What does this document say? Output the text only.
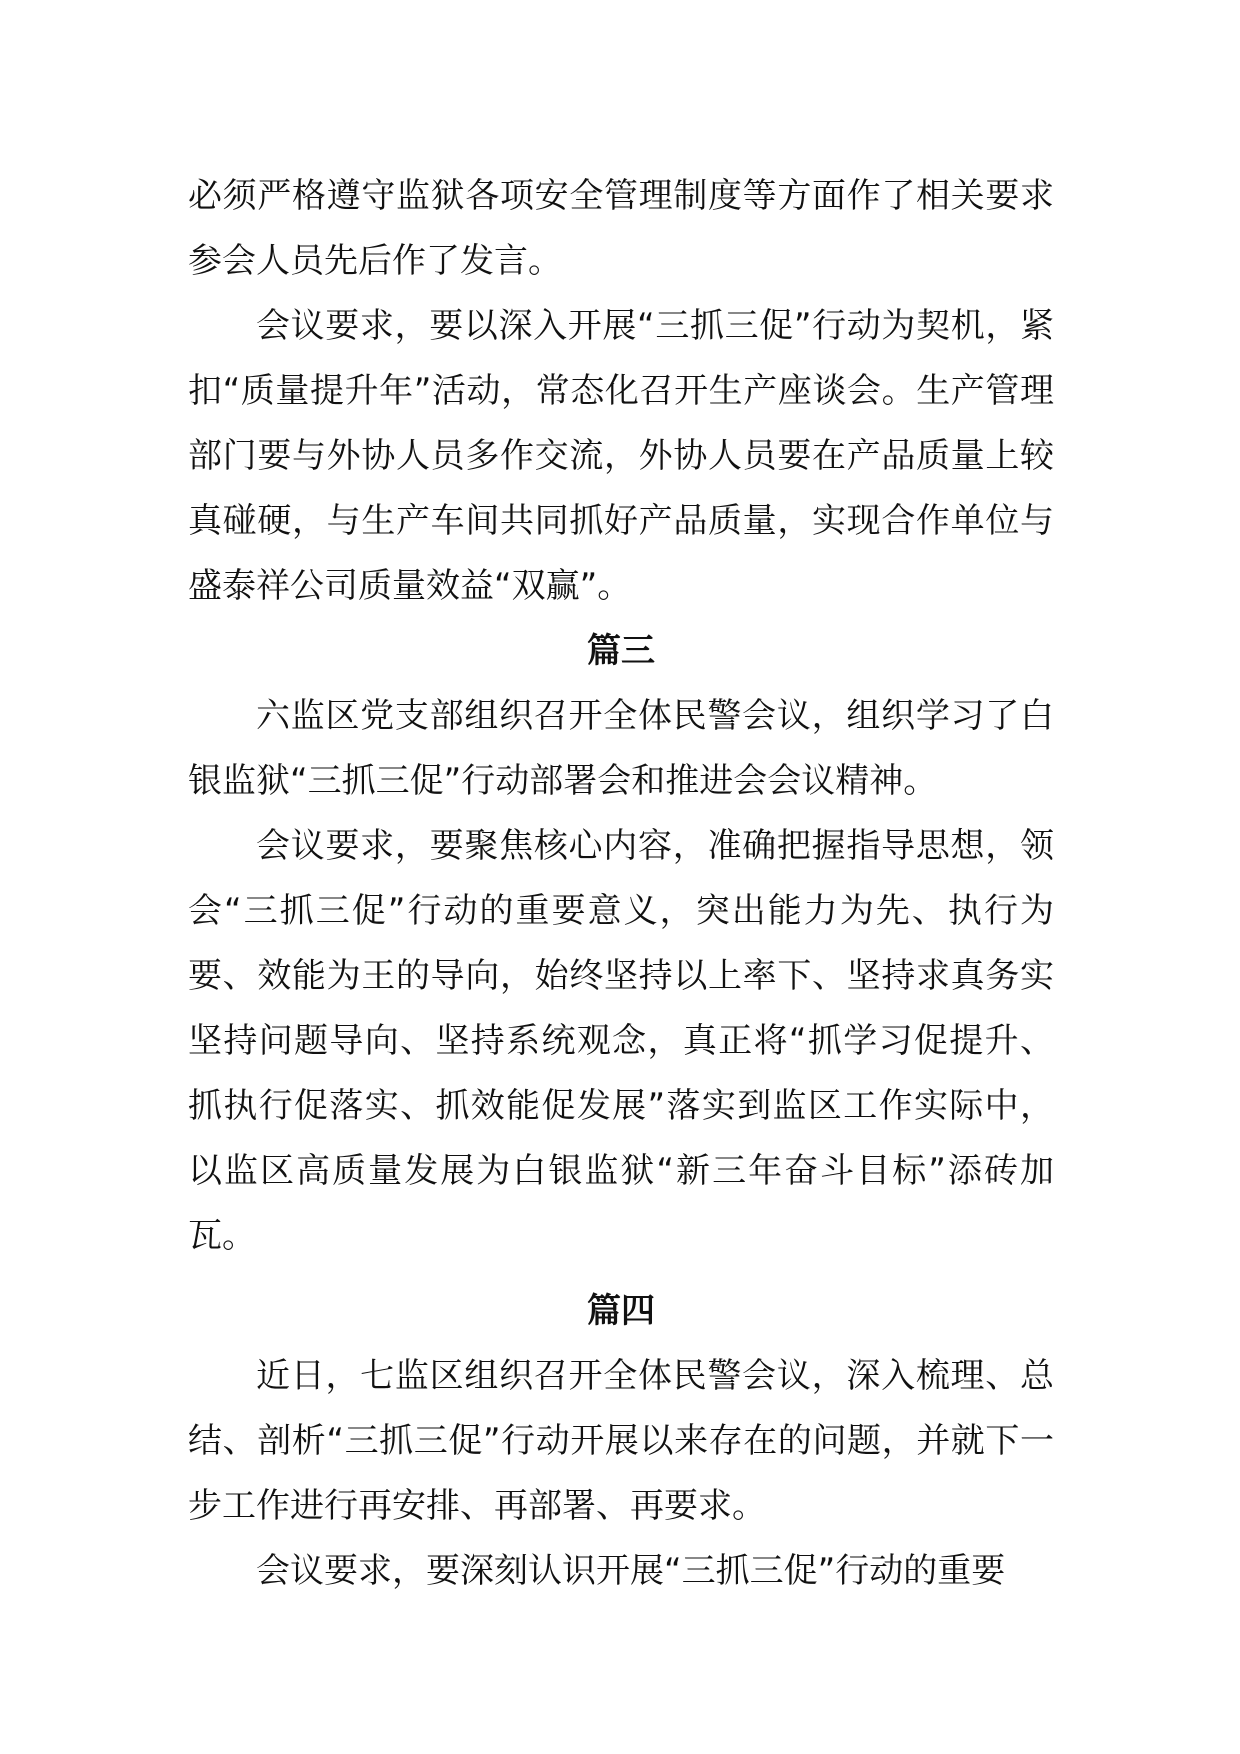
必须严格遵守监狱各项安全管理制度等方面作了相关要求参会人员先后作了发言。

会议要求，要以深入开展“三抓三促”行动为契机，紧扣“质量提升年”活动，常态化召开生产座谈会。生产管理部门要与外协人员多作交流，外协人员要在产品质量上较真碰硬，与生产车间共同抓好产品质量，实现合作单位与盛泰祥公司质量效益“双赢”。

篇三

六监区党支部组织召开全体民警会议，组织学习了白银监狱“三抓三促”行动部署会和推进会会议精神。

会议要求，要聚焦核心内容，准确把握指导思想，领会“三抓三促”行动的重要意义，突出能力为先、执行为要、效能为王的导向，始终坚持以上率下、坚持求真务实坚持问题导向、坚持系统观念，真正将“抓学习促提升、抓执行促落实、抓效能促发展”落实到监区工作实际中，以监区高质量发展为白银监狱“新三年奋斗目标”添砖加瓦。

篇四

近日，七监区组织召开全体民警会议，深入梳理、总结、剖析“三抓三促”行动开展以来存在的问题，并就下一步工作进行再安排、再部署、再要求。

会议要求，要深刻认识开展“三抓三促”行动的重要
